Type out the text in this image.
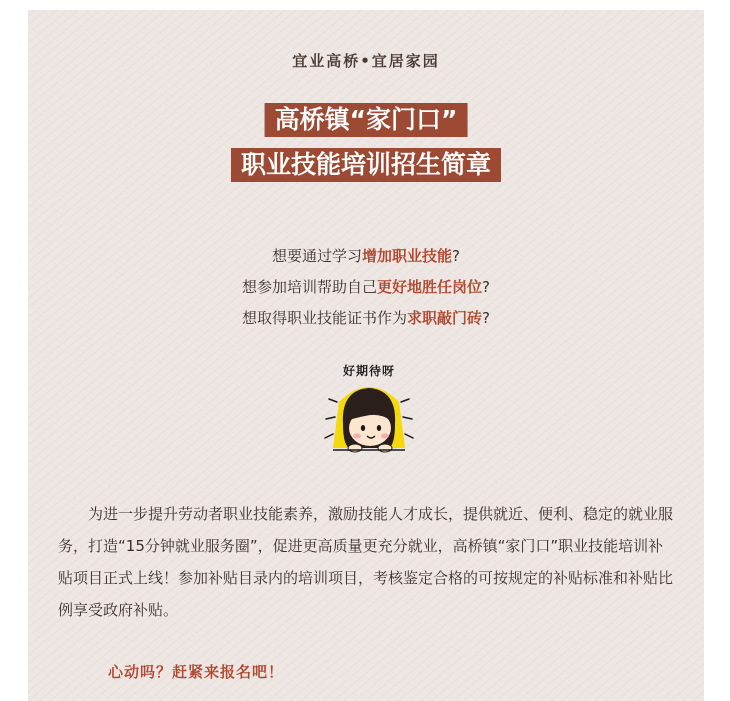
宜业高桥•宜居家园
高桥镇“家门口”
职业技能培训招生简章
想要通过学习增加职业技能?
想参加培训帮助自己更好地胜任岗位?
想取得职业技能证书作为求职敲门砖?
好期待呀

为进一步提升劳动者职业技能素养，激励技能人才成长，提供就近、便利、稳定的就业服务，打造“15分钟就业服务圈”，促进更高质量更充分就业，高桥镇“家门口”职业技能培训补贴项目正式上线！参加补贴目录内的培训项目，考核鉴定合格的可按规定的补贴标准和补贴比例享受政府补贴。

心动吗？赶紧来报名吧！
